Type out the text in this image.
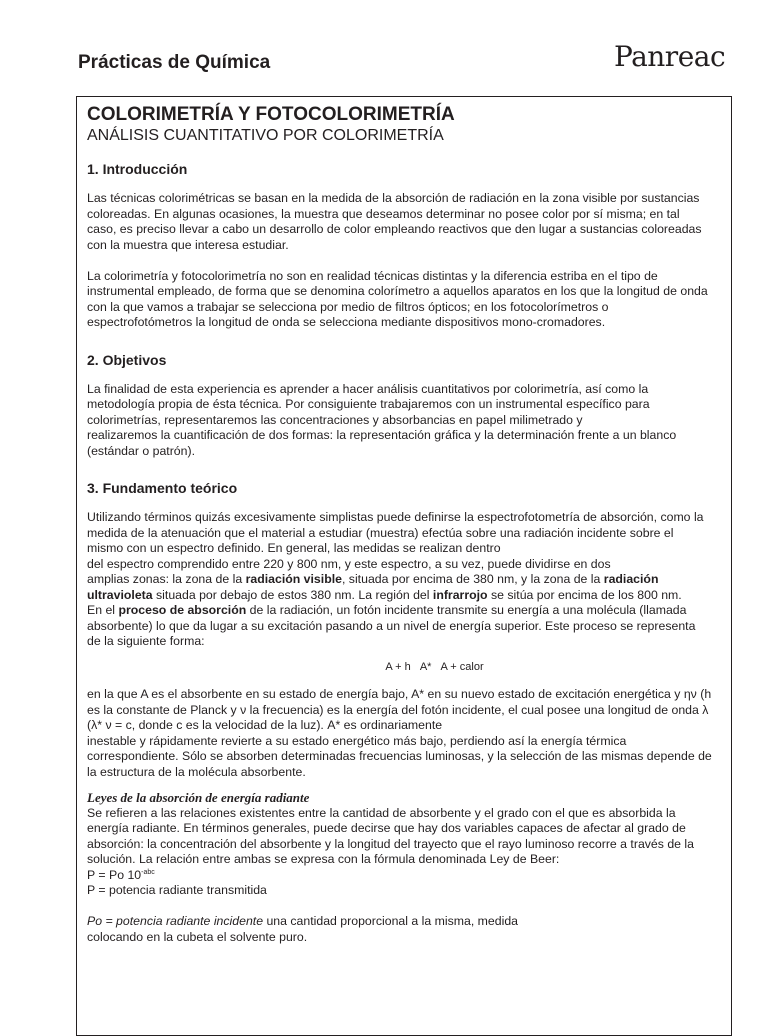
Prácticas de Química	Panreac
COLORIMETRÍA Y FOTOCOLORIMETRÍA
ANÁLISIS CUANTITATIVO POR COLORIMETRÍA
1. Introducción

Las técnicas colorimétricas se basan en la medida de la absorción de radiación en la zona visible por sustancias coloreadas. En algunas ocasiones, la muestra que deseamos determinar no posee color por sí misma; en tal caso, es preciso llevar a cabo un desarrollo de color empleando reactivos que den lugar a sustancias coloreadas con la muestra que interesa estudiar.

La colorimetría y fotocolorimetría no son en realidad técnicas distintas y la diferencia estriba en el tipo de instrumental empleado, de forma que se denomina colorímetro a aquellos aparatos en los que la longitud de onda con la que vamos a trabajar se selecciona por medio de filtros ópticos; en los fotocolorímetros o espectrofotómetros la longitud de onda se selecciona mediante dispositivos mono-cromadores.

2. Objetivos

La finalidad de esta experiencia es aprender a hacer análisis cuantitativos por colorimetría, así como la metodología propia de ésta técnica. Por consiguiente trabajaremos con un instrumental específico para colorimetrías, representaremos las concentraciones y absorbancias en papel milimetrado y
realizaremos la cuantificación de dos formas: la representación gráfica y la determinación frente a un blanco (estándar o patrón).

3. Fundamento teórico

Utilizando términos quizás excesivamente simplistas puede definirse la espectrofotometría de absorción, como la medida de la atenuación que el material a estudiar (muestra) efectúa sobre una radiación incidente sobre el mismo con un espectro definido. En general, las medidas se realizan dentro
del espectro comprendido entre 220 y 800 nm, y este espectro, a su vez, puede dividirse en dos
amplias zonas: la zona de la radiación visible, situada por encima de 380 nm, y la zona de la radiación ultravioleta situada por debajo de estos 380 nm. La región del infrarrojo se sitúa por encima de los 800 nm.

En el proceso de absorción de la radiación, un fotón incidente transmite su energía a una molécula (llamada absorbente) lo que da lugar a su excitación pasando a un nivel de energía superior. Este proceso se representa de la siguiente forma:

A + h A* A + calor

en la que A es el absorbente en su estado de energía bajo, A* en su nuevo estado de excitación energética y ην (h es la constante de Planck y ν la frecuencia) es la energía del fotón incidente, el cual posee una longitud de onda λ (λ* ν = c, donde c es la velocidad de la luz). A* es ordinariamente
inestable y rápidamente revierte a su estado energético más bajo, perdiendo así la energía térmica correspondiente. Sólo se absorben determinadas frecuencias luminosas, y la selección de las mismas depende de la estructura de la molécula absorbente.

Leyes de la absorción de energía radiante

Se refieren a las relaciones existentes entre la cantidad de absorbente y el grado con el que es absorbida la energía radiante. En términos generales, puede decirse que hay dos variables capaces de afectar al grado de absorción: la concentración del absorbente y la longitud del trayecto que el rayo luminoso recorre a través de la solución. La relación entre ambas se expresa con la fórmula denominada Ley de Beer:

P = Po $10^{-abc}$

P = potencia radiante transmitida

Po = potencia radiante incidente una cantidad proporcional a la misma, medida
colocando en la cubeta el solvente puro.
